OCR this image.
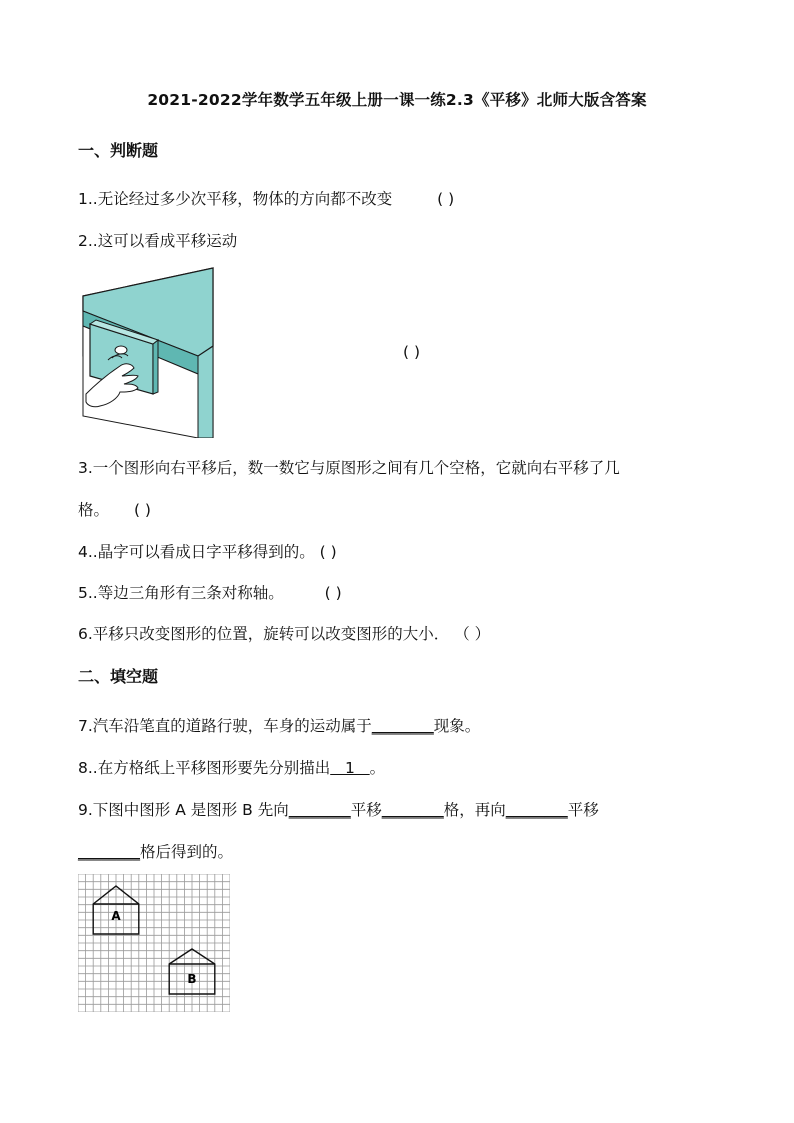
2021-2022学年数学五年级上册一课一练2.3《平移》北师大版含答案
一、判断题
1..无论经过多少次平移，物体的方向都不改变	( )
2..这可以看成平移运动
( )
3.一个图形向右平移后，数一数它与原图形之间有几个空格，它就向右平移了几
格。 ( )
4..晶字可以看成日字平移得到的。 ( )
5..等边三角形有三条对称轴。	( )
6.平移只改变图形的位置，旋转可以改变图形的大小． （ ）
二、填空题
7.汽车沿笔直的道路行驶，车身的运动属于________现象。
8..在方格纸上平移图形要先分别描出   1   。
9.下图中图形 A 是图形 B 先向________平移________格，再向________平移
________格后得到的。
A
B
